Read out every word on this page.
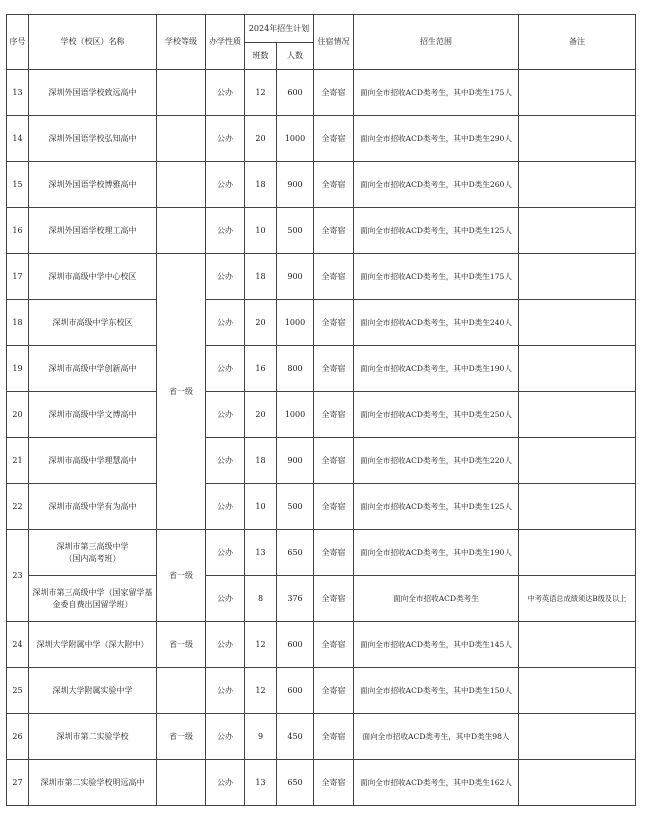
序号	学校（校区）名称	学校等级	办学性质	2024年招生计划		住宿情况	招生范围	备注
				班数	人数			
13	深圳外国语学校致远高中		公办	12	600	全寄宿	面向全市招收ACD类考生，其中D类生175人	
14	深圳外国语学校弘知高中		公办	20	1000	全寄宿	面向全市招收ACD类考生，其中D类生290人	
15	深圳外国语学校博雅高中		公办	18	900	全寄宿	面向全市招收ACD类考生，其中D类生260人	
16	深圳外国语学校理工高中		公办	10	500	全寄宿	面向全市招收ACD类考生，其中D类生125人	
17	深圳市高级中学中心校区	省一级	公办	18	900	全寄宿	面向全市招收ACD类考生，其中D类生175人	
18	深圳市高级中学东校区		公办	20	1000	全寄宿	面向全市招收ACD类考生，其中D类生240人	
19	深圳市高级中学创新高中		公办	16	800	全寄宿	面向全市招收ACD类考生，其中D类生190人	
20	深圳市高级中学文博高中		公办	20	1000	全寄宿	面向全市招收ACD类考生，其中D类生250人	
21	深圳市高级中学理慧高中		公办	18	900	全寄宿	面向全市招收ACD类考生，其中D类生220人	
22	深圳市高级中学有为高中		公办	10	500	全寄宿	面向全市招收ACD类考生，其中D类生125人	
23	深圳市第三高级中学
（国内高考班）	省一级	公办	13	650	全寄宿	面向全市招收ACD类考生，其中D类生190人	

	深圳市第三高级中学（国家留学基
金委自费出国留学班）		公办	8	376	全寄宿	面向全市招收ACD类考生	中考英语总成绩须达B级及以上
24	深圳大学附属中学（深大附中）	省一级	公办	12	600	全寄宿	面向全市招收ACD类考生，其中D类生145人	
25	深圳大学附属实验中学		公办	12	600	全寄宿	面向全市招收ACD类考生，其中D类生150人	
26	深圳市第二实验学校	省一级	公办	9	450	全寄宿	面向全市招收ACD类考生，其中D类生98人	
27	深圳市第二实验学校明远高中		公办	13	650	全寄宿	面向全市招收ACD类考生，其中D类生162人	
